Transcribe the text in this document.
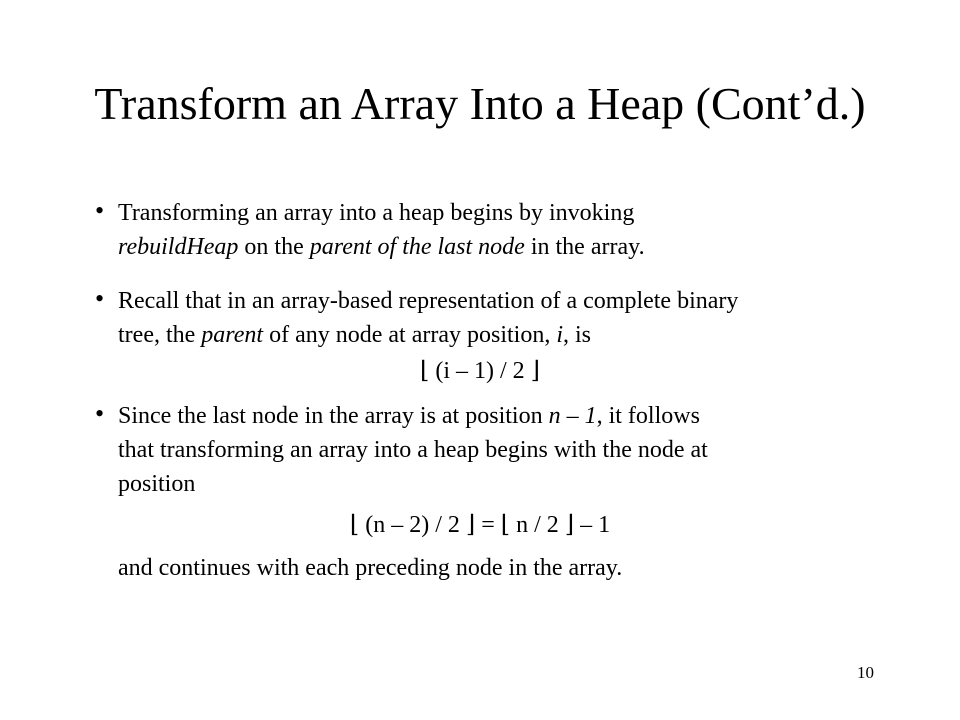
Transform an Array Into a Heap (Cont’d.)
• Transforming an array into a heap begins by invoking
rebuildHeap on the parent of the last node in the array.
• Recall that in an array-based representation of a complete binary
tree, the parent of any node at array position, i, is
⌊ (i – 1) / 2 ⌋
• Since the last node in the array is at position n – 1, it follows
that transforming an array into a heap begins with the node at
position
⌊ (n – 2) / 2 ⌋ = ⌊ n / 2 ⌋ – 1
and continues with each preceding node in the array.
10
